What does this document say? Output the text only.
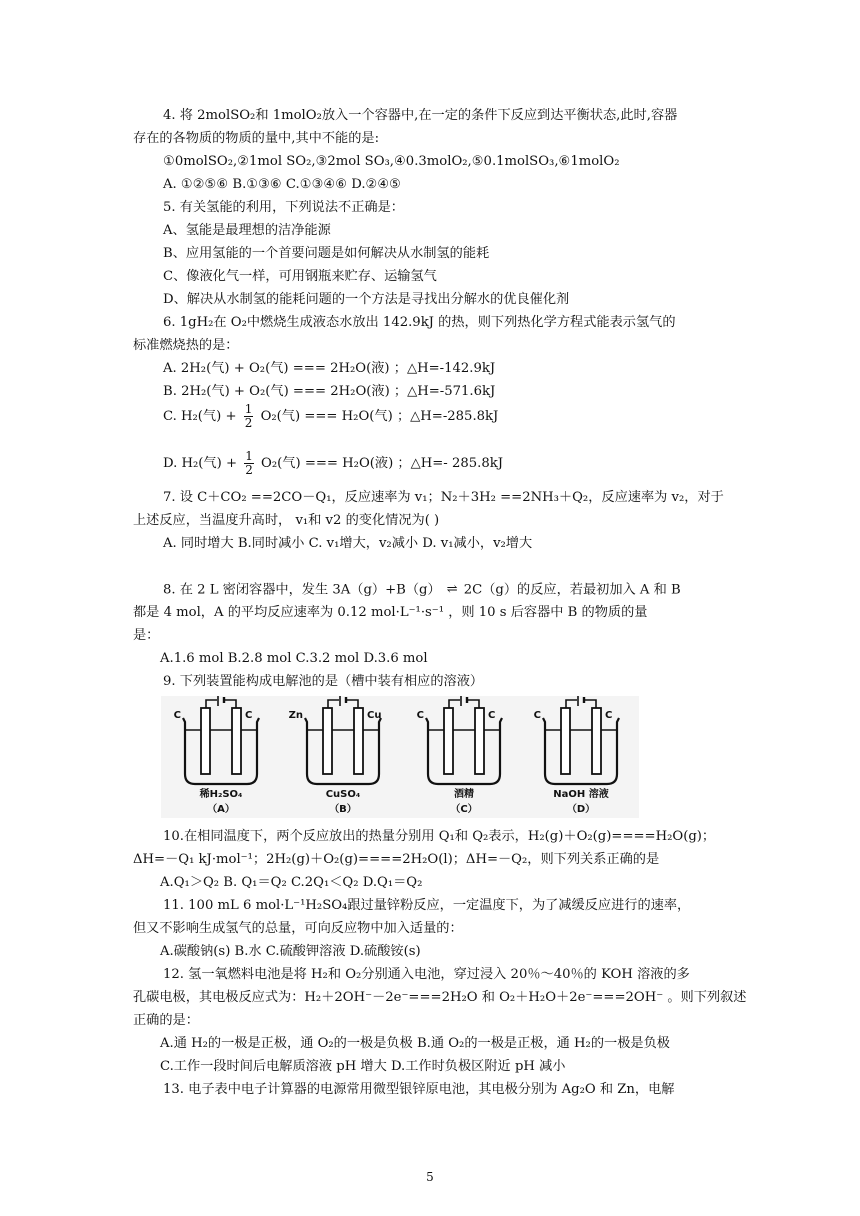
4. 将 2molSO₂和 1molO₂放入一个容器中,在一定的条件下反应到达平衡状态,此时,容器
存在的各物质的物质的量中,其中不能的是:
①0molSO₂,②1mol SO₂,③2mol SO₃,④0.3molO₂,⑤0.1molSO₃,⑥1molO₂
A. ①②⑤⑥ B.①③⑥ C.①③④⑥ D.②④⑤
5. 有关氢能的利用，下列说法不正确是：
A、氢能是最理想的洁净能源
B、应用氢能的一个首要问题是如何解决从水制氢的能耗
C、像液化气一样，可用钢瓶来贮存、运输氢气
D、解决从水制氢的能耗问题的一个方法是寻找出分解水的优良催化剂
6. 1gH₂在 O₂中燃烧生成液态水放出 142.9kJ 的热，则下列热化学方程式能表示氢气的
标准燃烧热的是：
A. 2H₂(气) + O₂(气) === 2H₂O(液) ；△H=-142.9kJ
B. 2H₂(气) + O₂(气) === 2H₂O(液) ；△H=-571.6kJ
C. H₂(气) + $\frac{1}{2} O_2$(气) === H₂O(气) ；△H=-285.8kJ
D. H₂(气) + $\frac{1}{2} O_2$(气) === H₂O(液) ；△H=- 285.8kJ
7. 设 C＋CO₂ ==2CO－Q₁，反应速率为 v₁；N₂＋3H₂ ==2NH₃＋Q₂，反应速率为 v₂，对于
上述反应，当温度升高时， v₁和 v2 的变化情况为( )
A. 同时增大 B.同时减小 C. v₁增大，v₂减小 D. v₁减小，v₂增大
8. 在 2 L 密闭容器中，发生 3A（g）+B（g） ⇌ 2C（g）的反应，若最初加入 A 和 B
都是 4 mol，A 的平均反应速率为 0.12 mol·L⁻¹·s⁻¹ ，则 10 s 后容器中 B 的物质的量
是：
A.1.6 mol B.2.8 mol C.3.2 mol D.3.6 mol
9. 下列装置能构成电解池的是（槽中装有相应的溶液）
C	C
稀H₂SO₄
（A）
Zn	Cu
CuSO₄
（B）
C	C
酒精
（C）
C	C
NaOH 溶液
（D）
10.在相同温度下，两个反应放出的热量分别用 Q₁和 Q₂表示，H₂(g)＋O₂(g)====H₂O(g)；
ΔH=－Q₁ kJ·mol⁻¹；2H₂(g)＋O₂(g)====2H₂O(l)；ΔH=－Q₂，则下列关系正确的是
A.Q₁＞Q₂ B. Q₁＝Q₂ C.2Q₁＜Q₂ D.Q₁＝Q₂
11. 100 mL 6 mol·L⁻¹H₂SO₄跟过量锌粉反应，一定温度下，为了减缓反应进行的速率，
但又不影响生成氢气的总量，可向反应物中加入适量的：
A.碳酸钠(s) B.水 C.硫酸钾溶液 D.硫酸铵(s)
12. 氢一氧燃料电池是将 H₂和 O₂分别通入电池，穿过浸入 20％～40％的 KOH 溶液的多
孔碳电极，其电极反应式为：H₂＋2OH⁻－2e⁻===2H₂O 和 O₂＋H₂O＋2e⁻===2OH⁻ 。则下列叙述
正确的是：
A.通 H₂的一极是正极，通 O₂的一极是负极 B.通 O₂的一极是正极，通 H₂的一极是负极
C.工作一段时间后电解质溶液 pH 增大 D.工作时负极区附近 pH 减小
13. 电子表中电子计算器的电源常用微型银锌原电池，其电极分别为 Ag₂O 和 Zn，电解
5
